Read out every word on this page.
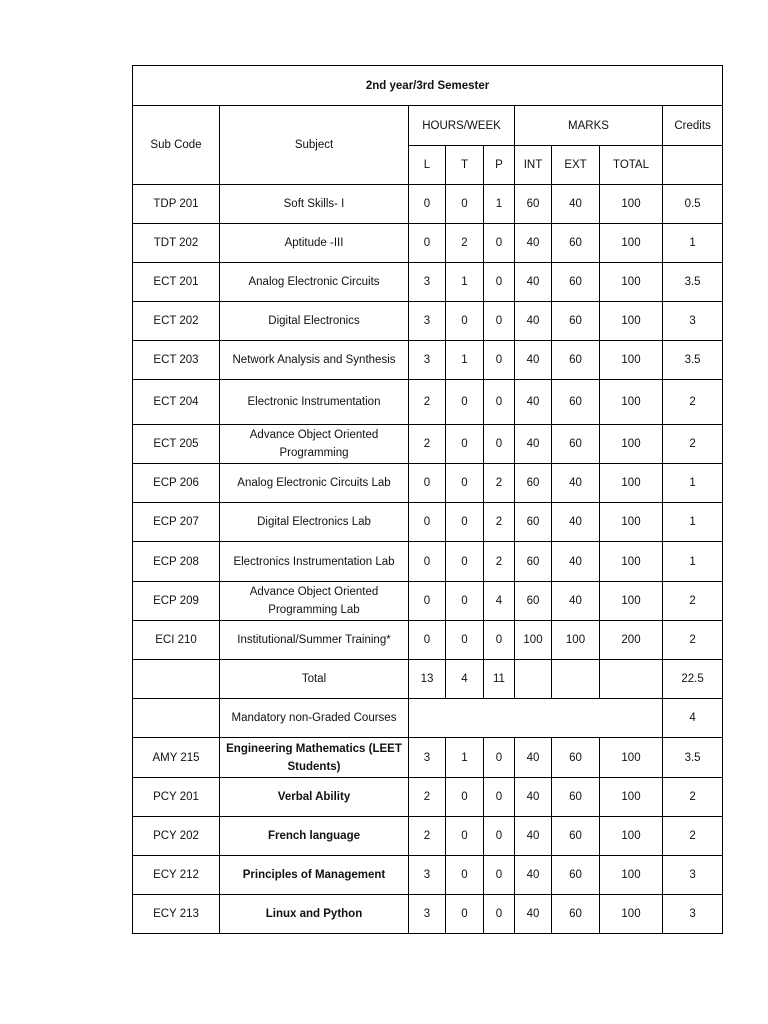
2nd year/3rd Semester								
Sub Code	Subject	HOURS/WEEK			MARKS			Credits
		L	T	P	INT	EXT	TOTAL	
TDP 201	Soft Skills- I	0	0	1	60	40	100	0.5
TDT 202	Aptitude -III	0	2	0	40	60	100	1
ECT 201	Analog Electronic Circuits	3	1	0	40	60	100	3.5
ECT 202	Digital Electronics	3	0	0	40	60	100	3
ECT 203	Network Analysis and Synthesis	3	1	0	40	60	100	3.5
ECT 204	Electronic Instrumentation	2	0	0	40	60	100	2
ECT 205	Advance Object Oriented
Programming	2	0	0	40	60	100	2
ECP 206	Analog Electronic Circuits Lab	0	0	2	60	40	100	1
ECP 207	Digital Electronics Lab	0	0	2	60	40	100	1
ECP 208	Electronics Instrumentation Lab	0	0	2	60	40	100	1
ECP 209	Advance Object Oriented
Programming Lab	0	0	4	60	40	100	2
ECI 210	Institutional/Summer Training*	0	0	0	100	100	200	2
	Total	13	4	11				22.5
	Mandatory non-Graded Courses							4
AMY 215	Engineering Mathematics (LEET
Students)	3	1	0	40	60	100	3.5
PCY 201	Verbal Ability	2	0	0	40	60	100	2
PCY 202	French language	2	0	0	40	60	100	2
ECY 212	Principles of Management	3	0	0	40	60	100	3
ECY 213	Linux and Python	3	0	0	40	60	100	3
